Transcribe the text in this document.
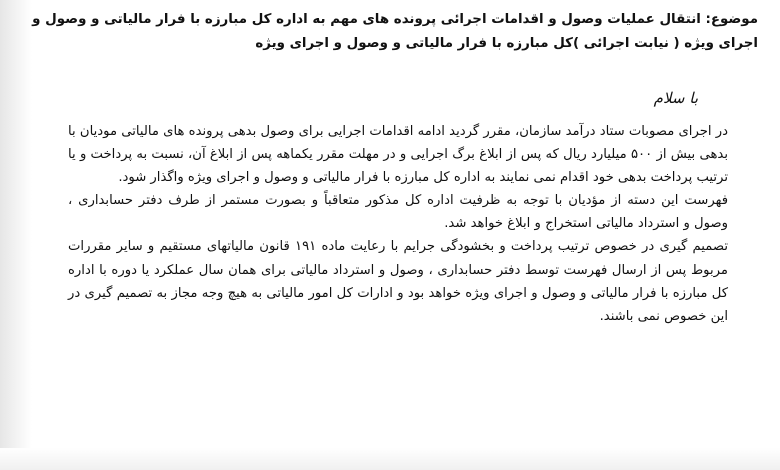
موضوع: انتقال عملیات وصول و اقدامات اجرائی پرونده های مهم به اداره کل مبارزه با فرار مالیاتی و وصول و اجرای ویژه ( نیابت اجرائی )کل مبارزه با فرار مالیاتی و وصول و اجرای ویژه
با سلام

در اجرای مصوبات ستاد درآمد سازمان، مقرر گردید ادامه اقدامات اجرایی برای وصول بدهی پرونده های مالیاتی مودیان با بدهی بیش از ۵۰۰ میلیارد ریال که پس از ابلاغ برگ اجرایی و در مهلت مقرر یکماهه پس از ابلاغ آن، نسبت به پرداخت و یا ترتیب پرداخت بدهی خود اقدام نمی نمایند به اداره کل مبارزه با فرار مالیاتی و وصول و اجرای ویژه واگذار شود.

فهرست این دسته از مؤدیان با توجه به ظرفیت اداره کل مذکور متعاقباً و بصورت مستمر از طرف دفتر حسابداری ، وصول و استرداد مالیاتی استخراج و ابلاغ خواهد شد.

تصمیم گیری در خصوص ترتیب پرداخت و بخشودگی جرایم با رعایت ماده ۱۹۱ قانون مالیاتهای مستقیم و سایر مقررات مربوط پس از ارسال فهرست توسط دفتر حسابداری ، وصول و استرداد مالیاتی برای همان سال عملکرد یا دوره با اداره کل مبارزه با فرار مالیاتی و وصول و اجرای ویژه خواهد بود و ادارات کل امور مالیاتی به هیچ وجه مجاز به تصمیم گیری در این خصوص نمی باشند.
